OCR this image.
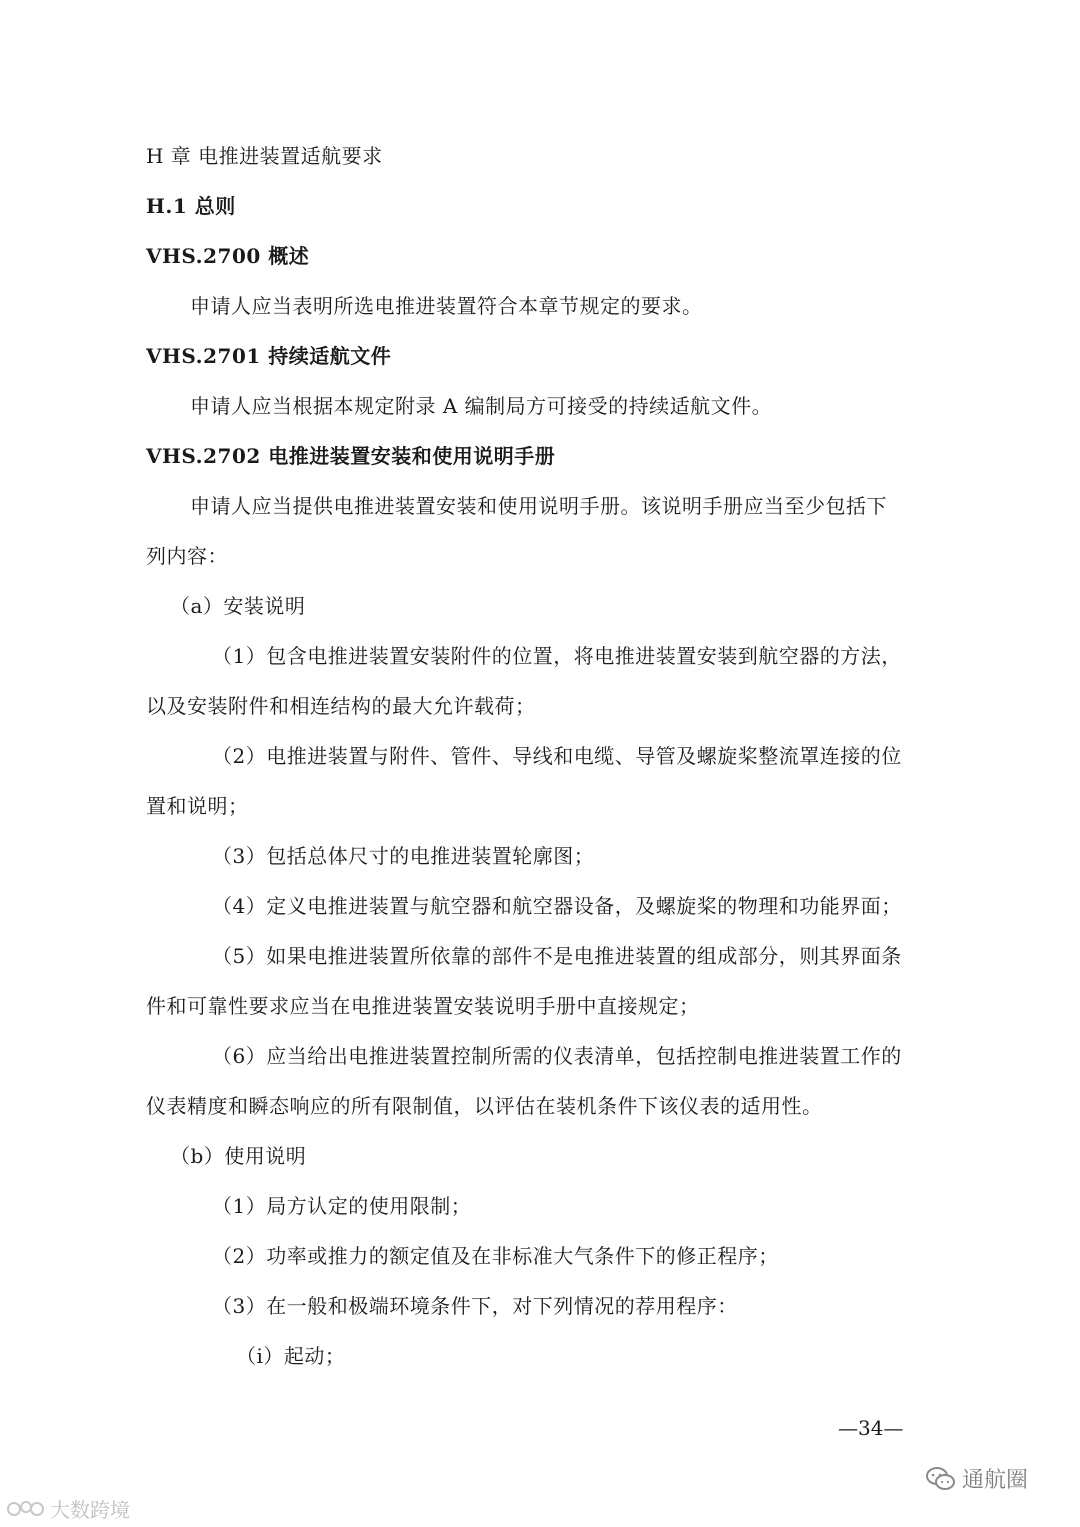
H 章 电推进装置适航要求
H.1 总则
VHS.2700 概述
申请人应当表明所选电推进装置符合本章节规定的要求。
VHS.2701 持续适航文件
申请人应当根据本规定附录 A 编制局方可接受的持续适航文件。
VHS.2702 电推进装置安装和使用说明手册
申请人应当提供电推进装置安装和使用说明手册。该说明手册应当至少包括下
列内容：
（a）安装说明
（1）包含电推进装置安装附件的位置，将电推进装置安装到航空器的方法，
以及安装附件和相连结构的最大允许载荷；
（2）电推进装置与附件、管件、导线和电缆、导管及螺旋桨整流罩连接的位
置和说明；
（3）包括总体尺寸的电推进装置轮廓图；
（4）定义电推进装置与航空器和航空器设备，及螺旋桨的物理和功能界面；
（5）如果电推进装置所依靠的部件不是电推进装置的组成部分，则其界面条
件和可靠性要求应当在电推进装置安装说明手册中直接规定；
（6）应当给出电推进装置控制所需的仪表清单，包括控制电推进装置工作的
仪表精度和瞬态响应的所有限制值，以评估在装机条件下该仪表的适用性。
（b）使用说明
（1）局方认定的使用限制；
（2）功率或推力的额定值及在非标准大气条件下的修正程序；
（3）在一般和极端环境条件下，对下列情况的荐用程序：
（i）起动；
—34—
大数跨境
通航圈
